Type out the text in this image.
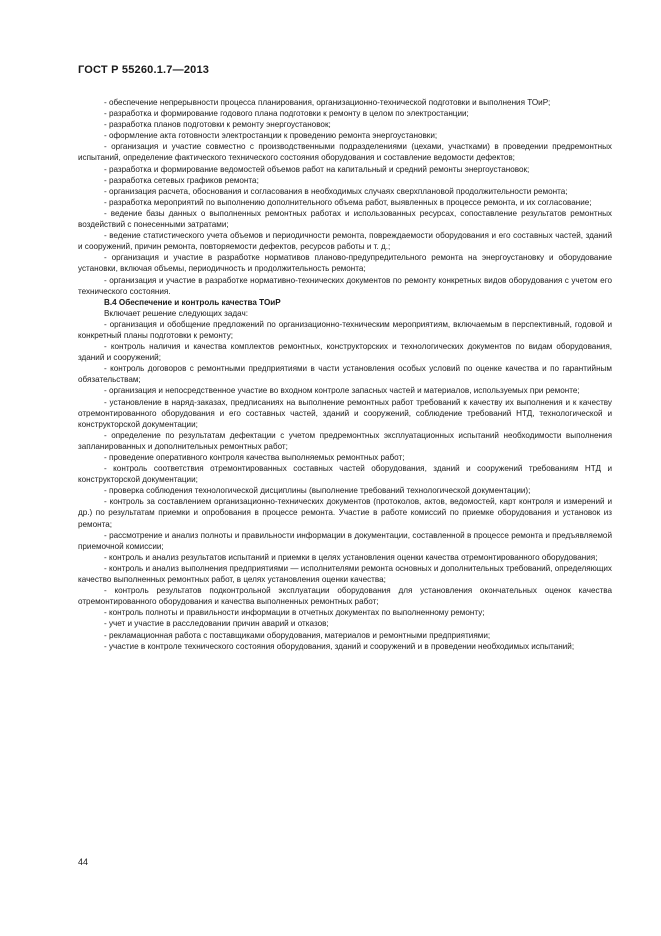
ГОСТ Р 55260.1.7—2013

- обеспечение непрерывности процесса планирования, организационно-технической подготовки и выполнения ТОиР;

- разработка и формирование годового плана подготовки к ремонту в целом по электростанции;

- разработка планов подготовки к ремонту энергоустановок;

- оформление акта готовности электростанции к проведению ремонта энергоустановки;

- организация и участие совместно с производственными подразделениями (цехами, участками) в проведении предремонтных испытаний, определение фактического технического состояния оборудования и составление ведомости дефектов;

- разработка и формирование ведомостей объемов работ на капитальный и средний ремонты энергоустановок;

- разработка сетевых графиков ремонта;

- организация расчета, обоснования и согласования в необходимых случаях сверхплановой продолжительности ремонта;

- разработка мероприятий по выполнению дополнительного объема работ, выявленных в процессе ремонта, и их согласование;

- ведение базы данных о выполненных ремонтных работах и использованных ресурсах, сопоставление результатов ремонтных воздействий с понесенными затратами;

- ведение статистического учета объемов и периодичности ремонта, повреждаемости оборудования и его составных частей, зданий и сооружений, причин ремонта, повторяемости дефектов, ресурсов работы и т. д.;

- организация и участие в разработке нормативов планово-предупредительного ремонта на энергоустановку и оборудование установки, включая объемы, периодичность и продолжительность ремонта;

- организация и участие в разработке нормативно-технических документов по ремонту конкретных видов оборудования с учетом его технического состояния.

В.4 Обеспечение и контроль качества ТОиР

Включает решение следующих задач:

- организация и обобщение предложений по организационно-техническим мероприятиям, включаемым в перспективный, годовой и конкретный планы подготовки к ремонту;

- контроль наличия и качества комплектов ремонтных, конструкторских и технологических документов по видам оборудования, зданий и сооружений;

- контроль договоров с ремонтными предприятиями в части установления особых условий по оценке качества и по гарантийным обязательствам;

- организация и непосредственное участие во входном контроле запасных частей и материалов, используемых при ремонте;

- установление в наряд-заказах, предписаниях на выполнение ремонтных работ требований к качеству их выполнения и к качеству отремонтированного оборудования и его составных частей, зданий и сооружений, соблюдение требований НТД, технологической и конструкторской документации;

- определение по результатам дефектации с учетом предремонтных эксплуатационных испытаний необходимости выполнения запланированных и дополнительных ремонтных работ;

- проведение оперативного контроля качества выполняемых ремонтных работ;

- контроль соответствия отремонтированных составных частей оборудования, зданий и сооружений требованиям НТД и конструкторской документации;

- проверка соблюдения технологической дисциплины (выполнение требований технологической документации);

- контроль за составлением организационно-технических документов (протоколов, актов, ведомостей, карт контроля и измерений и др.) по результатам приемки и опробования в процессе ремонта. Участие в работе комиссий по приемке оборудования и установок из ремонта;

- рассмотрение и анализ полноты и правильности информации в документации, составленной в процессе ремонта и предъявляемой приемочной комиссии;

- контроль и анализ результатов испытаний и приемки в целях установления оценки качества отремонтированного оборудования;

- контроль и анализ выполнения предприятиями — исполнителями ремонта основных и дополнительных требований, определяющих качество выполненных ремонтных работ, в целях установления оценки качества;

- контроль результатов подконтрольной эксплуатации оборудования для установления окончательных оценок качества отремонтированного оборудования и качества выполненных ремонтных работ;

- контроль полноты и правильности информации в отчетных документах по выполненному ремонту;

- учет и участие в расследовании причин аварий и отказов;

- рекламационная работа с поставщиками оборудования, материалов и ремонтными предприятиями;

- участие в контроле технического состояния оборудования, зданий и сооружений и в проведении необходимых испытаний;

44
